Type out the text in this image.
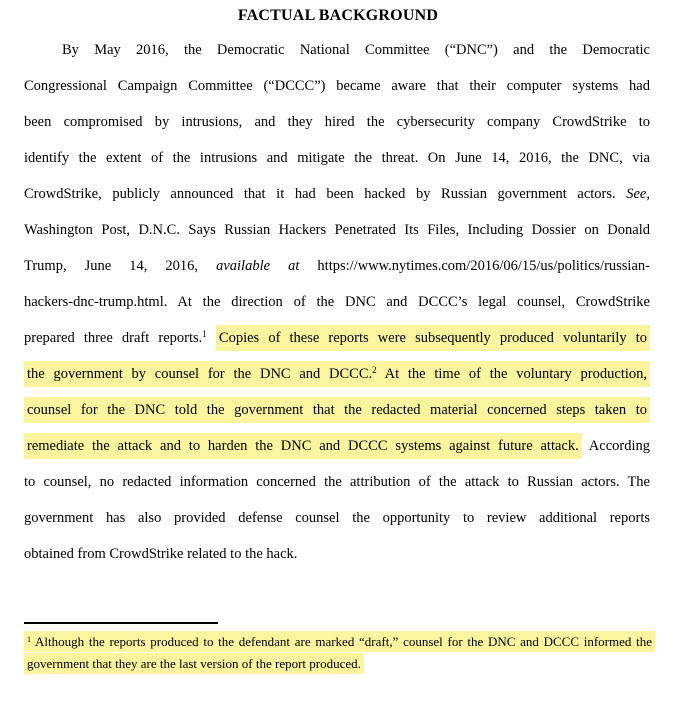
FACTUAL BACKGROUND
By May 2016, the Democratic National Committee (“DNC”) and the Democratic
Congressional Campaign Committee (“DCCC”) became aware that their computer systems had
been compromised by intrusions, and they hired the cybersecurity company CrowdStrike to
identify the extent of the intrusions and mitigate the threat. On June 14, 2016, the DNC, via
CrowdStrike, publicly announced that it had been hacked by Russian government actors. See,
Washington Post, D.N.C. Says Russian Hackers Penetrated Its Files, Including Dossier on Donald
Trump, June 14, 2016, available at https://www.nytimes.com/2016/06/15/us/politics/russian-
hackers-dnc-trump.html. At the direction of the DNC and DCCC’s legal counsel, CrowdStrike
prepared three draft reports.$^1$ Copies of these reports were subsequently produced voluntarily to
the government by counsel for the DNC and DCCC.$^2$ At the time of the voluntary production,
counsel for the DNC told the government that the redacted material concerned steps taken to
remediate the attack and to harden the DNC and DCCC systems against future attack. According
to counsel, no redacted information concerned the attribution of the attack to Russian actors. The
government has also provided defense counsel the opportunity to review additional reports
obtained from CrowdStrike related to the hack.
$^1$ Although the reports produced to the defendant are marked “draft,” counsel for the DNC and DCCC informed the
government that they are the last version of the report produced.
